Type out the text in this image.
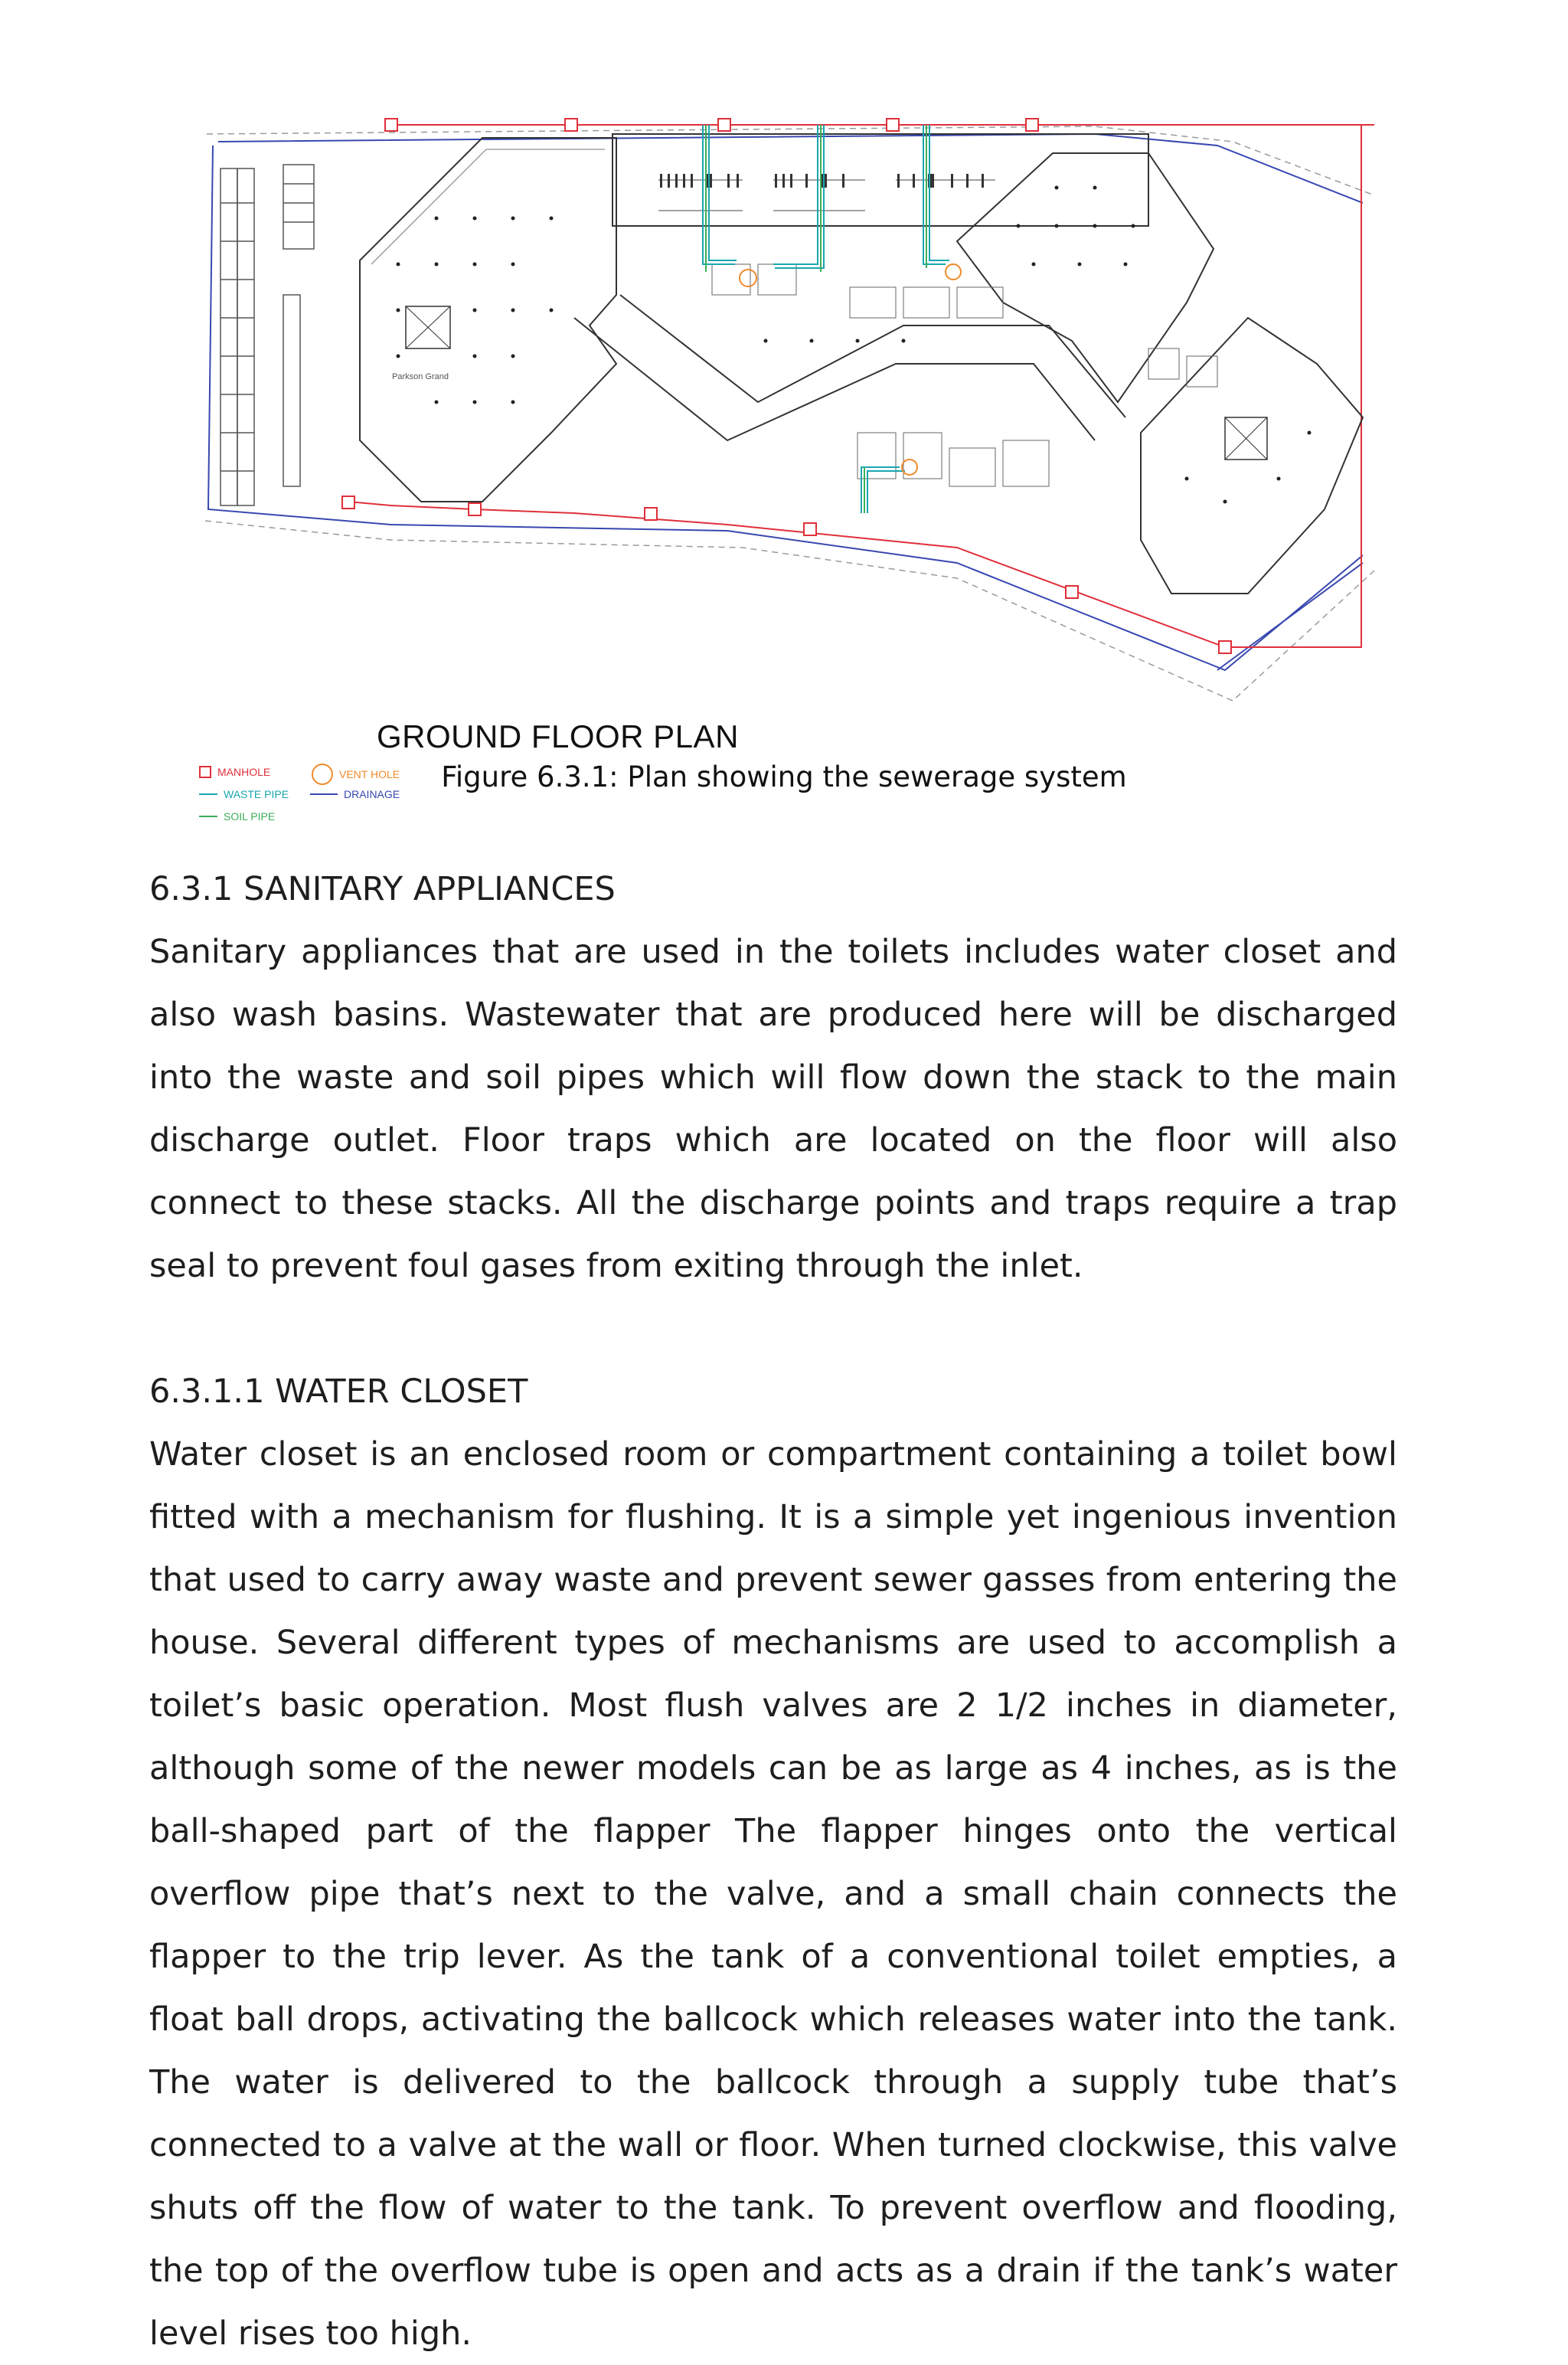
Parkson Grand
GROUND FLOOR PLAN
MANHOLE
WASTE PIPE
SOIL PIPE
VENT HOLE
DRAINAGE
Figure 6.3.1: Plan showing the sewerage system
6.3.1 SANITARY APPLIANCES

Sanitary appliances that are used in the toilets includes water closet and also wash basins. Wastewater that are produced here will be discharged into the waste and soil pipes which will flow down the stack to the main discharge outlet. Floor traps which are located on the floor will also connect to these stacks. All the discharge points and traps require a trap seal to prevent foul gases from exiting through the inlet.

6.3.1.1 WATER CLOSET

Water closet is an enclosed room or compartment containing a toilet bowl fitted with a mechanism for flushing. It is a simple yet ingenious invention that used to carry away waste and prevent sewer gasses from entering the house. Several different types of mechanisms are used to accomplish a toilet’s basic operation. Most flush valves are 2 1/2 inches in diameter, although some of the newer models can be as large as 4 inches, as is the ball-shaped part of the flapper The flapper hinges onto the vertical overflow pipe that’s next to the valve, and a small chain connects the flapper to the trip lever. As the tank of a conventional toilet empties, a float ball drops, activating the ballcock which releases water into the tank. The water is delivered to the ballcock through a supply tube that’s connected to a valve at the wall or floor. When turned clockwise, this valve shuts off the flow of water to the tank. To prevent overflow and flooding, the top of the overflow tube is open and acts as a drain if the tank’s water level rises too high.
